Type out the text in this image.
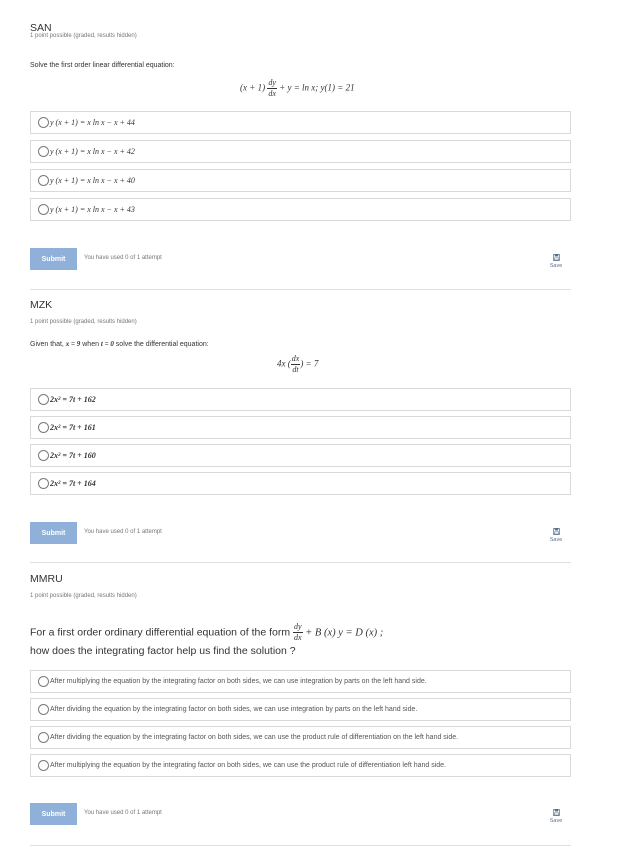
SAN
1 point possible (graded, results hidden)
Solve the first order linear differential equation:
$(x + 1) \frac{dy}{dx} + y = \ln x$; y(1) = 21
y (x + 1) = x ln x − x + 44
y (x + 1) = x ln x − x + 42
y (x + 1) = x ln x − x + 40
y (x + 1) = x ln x − x + 43
Submit	You have used 0 of 1 attempt
Save
MZK
1 point possible (graded, results hidden)
Given that, x = 9 when t = 0 solve the differential equation:
4x ( $\frac{dx}{dt}$ ) = 7
2x² = 7t + 162
2x² = 7t + 161
2x² = 7t + 160
2x² = 7t + 164
Submit	You have used 0 of 1 attempt
Save
MMRU
1 point possible (graded, results hidden)
For a first order ordinary differential equation of the form $\frac{dy}{dx} + B$ (x) y = D (x) ;
how does the integrating factor help us find the solution ?
After multiplying the equation by the integrating factor on both sides, we can use integration by parts on the left hand side.
After dividing the equation by the integrating factor on both sides, we can use integration by parts on the left hand side.
After dividing the equation by the integrating factor on both sides, we can use the product rule of differentiation on the left hand side.
After multiplying the equation by the integrating factor on both sides, we can use the product rule of differentiation left hand side.
Submit	You have used 0 of 1 attempt
Save
